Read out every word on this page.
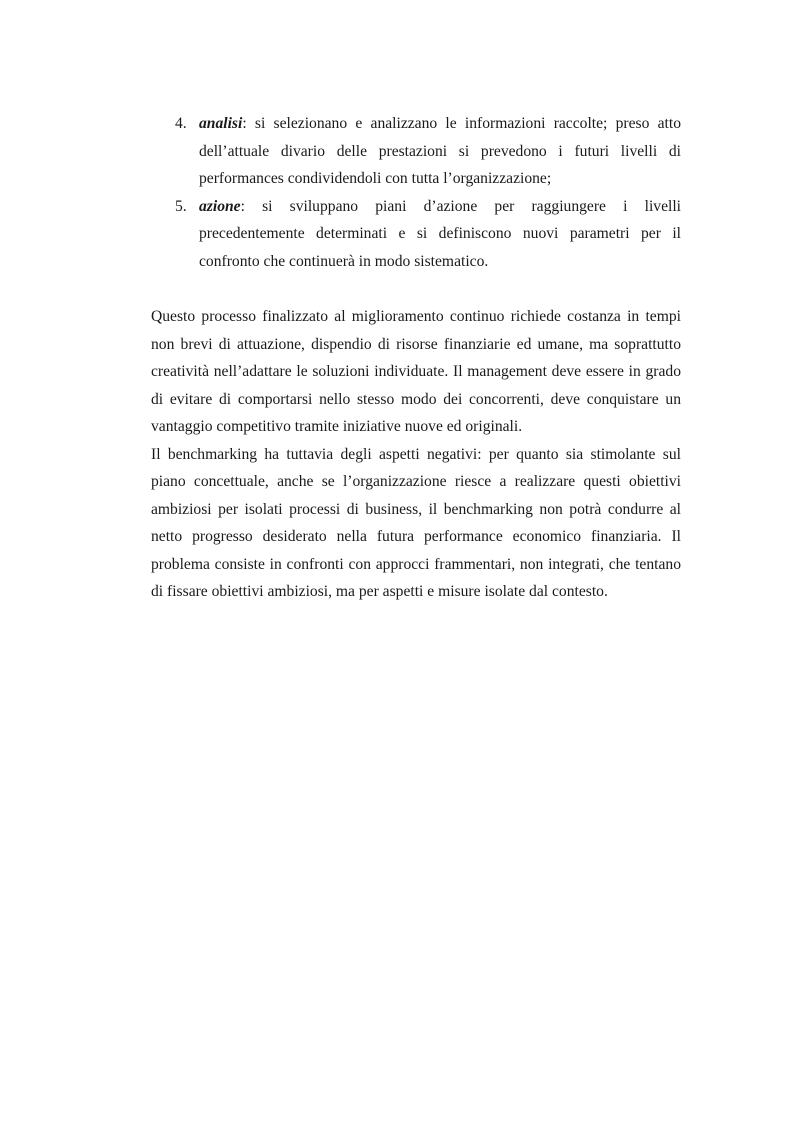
4. analisi: si selezionano e analizzano le informazioni raccolte; preso atto dell’attuale divario delle prestazioni si prevedono i futuri livelli di performances condividendoli con tutta l’organizzazione;
5. azione: si sviluppano piani d’azione per raggiungere i livelli precedentemente determinati e si definiscono nuovi parametri per il confronto che continuerà in modo sistematico.

Questo processo finalizzato al miglioramento continuo richiede costanza in tempi non brevi di attuazione, dispendio di risorse finanziarie ed umane, ma soprattutto creatività nell’adattare le soluzioni individuate. Il management deve essere in grado di evitare di comportarsi nello stesso modo dei concorrenti, deve conquistare un vantaggio competitivo tramite iniziative nuove ed originali.

Il benchmarking ha tuttavia degli aspetti negativi: per quanto sia stimolante sul piano concettuale, anche se l’organizzazione riesce a realizzare questi obiettivi ambiziosi per isolati processi di business, il benchmarking non potrà condurre al netto progresso desiderato nella futura performance economico finanziaria. Il problema consiste in confronti con approcci frammentari, non integrati, che tentano di fissare obiettivi ambiziosi, ma per aspetti e misure isolate dal contesto.
